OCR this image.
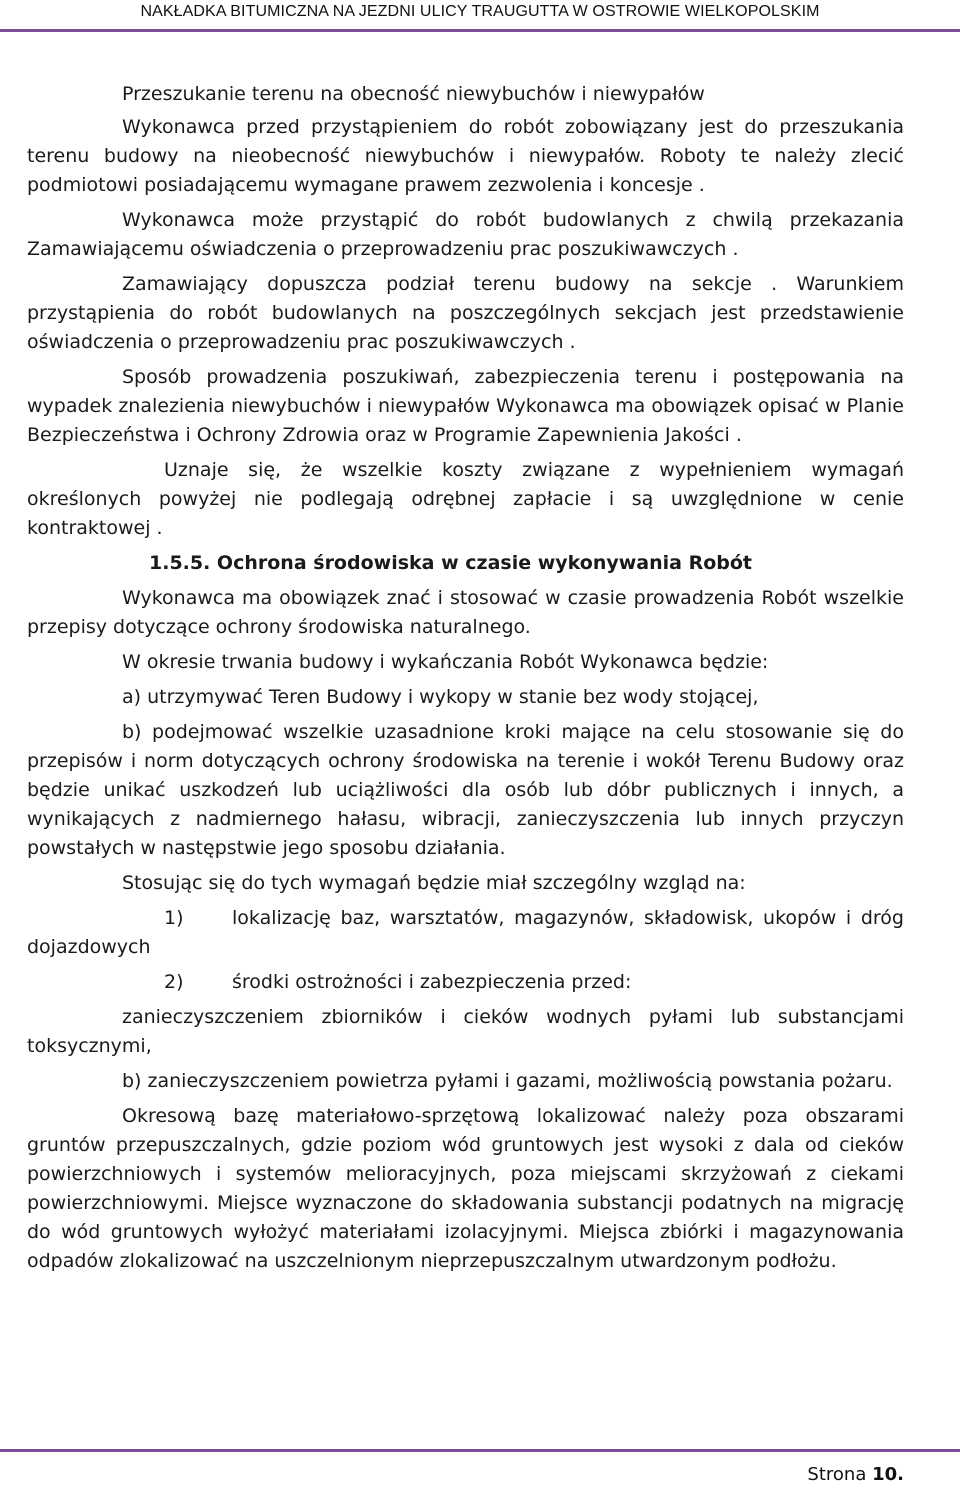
NAKŁADKA BITUMICZNA NA JEZDNI ULICY TRAUGUTTA W OSTROWIE WIELKOPOLSKIM

Przeszukanie terenu na obecność niewybuchów i niewypałów

Wykonawca przed przystąpieniem do robót zobowiązany jest do przeszukania terenu budowy na nieobecność niewybuchów i niewypałów. Roboty te należy zlecić podmiotowi posiadającemu wymagane prawem zezwolenia i koncesje .

Wykonawca może przystąpić do robót budowlanych z chwilą przekazania Zamawiającemu oświadczenia o przeprowadzeniu prac poszukiwawczych .

Zamawiający dopuszcza podział terenu budowy na sekcje . Warunkiem przystąpienia do robót budowlanych na poszczególnych sekcjach jest przedstawienie oświadczenia o przeprowadzeniu prac poszukiwawczych .

Sposób prowadzenia poszukiwań, zabezpieczenia terenu i postępowania na wypadek znalezienia niewybuchów i niewypałów Wykonawca ma obowiązek opisać w Planie Bezpieczeństwa i Ochrony Zdrowia oraz w Programie Zapewnienia Jakości .

Uznaje się, że wszelkie koszty związane z wypełnieniem wymagań określonych powyżej nie podlegają odrębnej zapłacie i są uwzględnione w cenie kontraktowej .

1.5.5. Ochrona środowiska w czasie wykonywania Robót

Wykonawca ma obowiązek znać i stosować w czasie prowadzenia Robót wszelkie przepisy dotyczące ochrony środowiska naturalnego.

W okresie trwania budowy i wykańczania Robót Wykonawca będzie:

a) utrzymywać Teren Budowy i wykopy w stanie bez wody stojącej,

b) podejmować wszelkie uzasadnione kroki mające na celu stosowanie się do przepisów i norm dotyczących ochrony środowiska na terenie i wokół Terenu Budowy oraz będzie unikać uszkodzeń lub uciążliwości dla osób lub dóbr publicznych i innych, a wynikających z nadmiernego hałasu, wibracji, zanieczyszczenia lub innych przyczyn powstałych w następstwie jego sposobu działania.

Stosując się do tych wymagań będzie miał szczególny wzgląd na:

1)	lokalizację baz, warsztatów, magazynów, składowisk, ukopów i dróg dojazdowych

2)	środki ostrożności i zabezpieczenia przed:

zanieczyszczeniem zbiorników i cieków wodnych pyłami lub substancjami toksycznymi,

b) zanieczyszczeniem powietrza pyłami i gazami, możliwością powstania pożaru.

Okresową bazę materiałowo-sprzętową lokalizować należy poza obszarami gruntów przepuszczalnych, gdzie poziom wód gruntowych jest wysoki z dala od cieków powierzchniowych i systemów melioracyjnych, poza miejscami skrzyżowań z ciekami powierzchniowymi. Miejsce wyznaczone do składowania substancji podatnych na migrację do wód gruntowych wyłożyć materiałami izolacyjnymi. Miejsca zbiórki i magazynowania odpadów zlokalizować na uszczelnionym nieprzepuszczalnym utwardzonym podłożu.

Strona 10.
